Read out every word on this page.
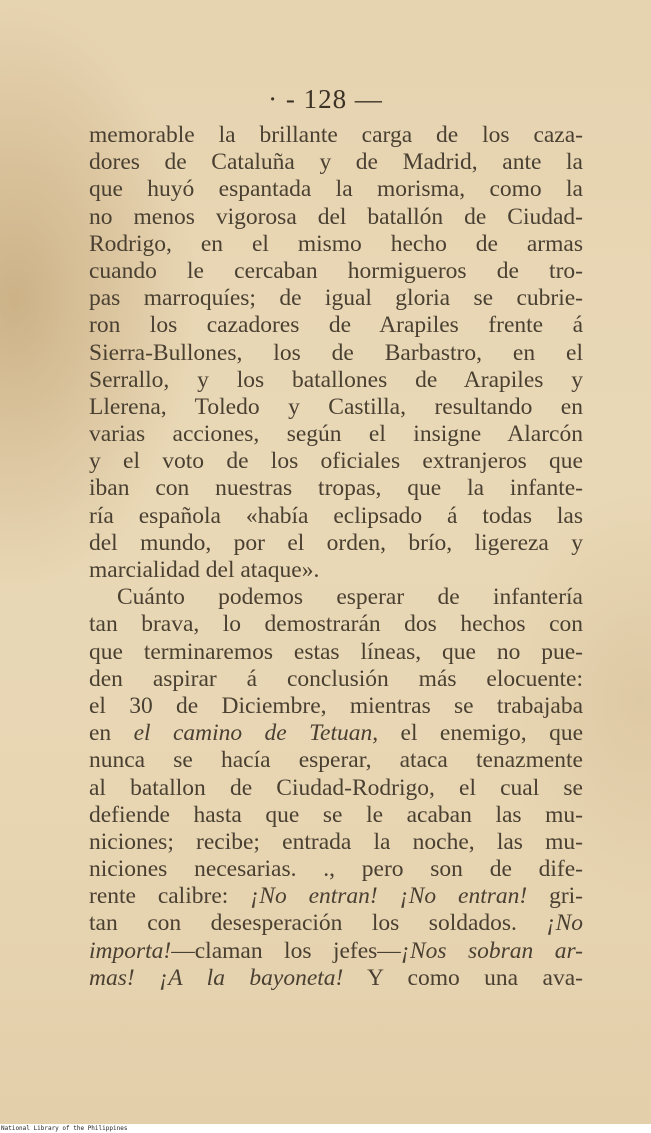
· - 128 —
memorable la brillante carga de los caza-
dores de Cataluña y de Madrid, ante la
que huyó espantada la morisma, como la
no menos vigorosa del batallón de Ciudad-
Rodrigo, en el mismo hecho de armas
cuando le cercaban hormigueros de tro-
pas marroquíes; de igual gloria se cubrie-
ron los cazadores de Arapiles frente á
Sierra-Bullones, los de Barbastro, en el
Serrallo, y los batallones de Arapiles y
Llerena, Toledo y Castilla, resultando en
varias acciones, según el insigne Alarcón
y el voto de los oficiales extranjeros que
iban con nuestras tropas, que la infante-
ría española «había eclipsado á todas las
del mundo, por el orden, brío, ligereza y
marcialidad del ataque».
Cuánto podemos esperar de infantería
tan brava, lo demostrarán dos hechos con
que terminaremos estas líneas, que no pue-
den aspirar á conclusión más elocuente:
el 30 de Diciembre, mientras se trabajaba
en el camino de Tetuan, el enemigo, que
nunca se hacía esperar, ataca tenazmente
al batallon de Ciudad-Rodrigo, el cual se
defiende hasta que se le acaban las mu-
niciones; recibe; entrada la noche, las mu-
niciones necesarias. ., pero son de dife-
rente calibre: ¡No entran! ¡No entran! gri-
tan con desesperación los soldados. ¡No
importa!—claman los jefes—¡Nos sobran ar-
mas! ¡A la bayoneta! Y como una ava-
National Library of the Philippines
